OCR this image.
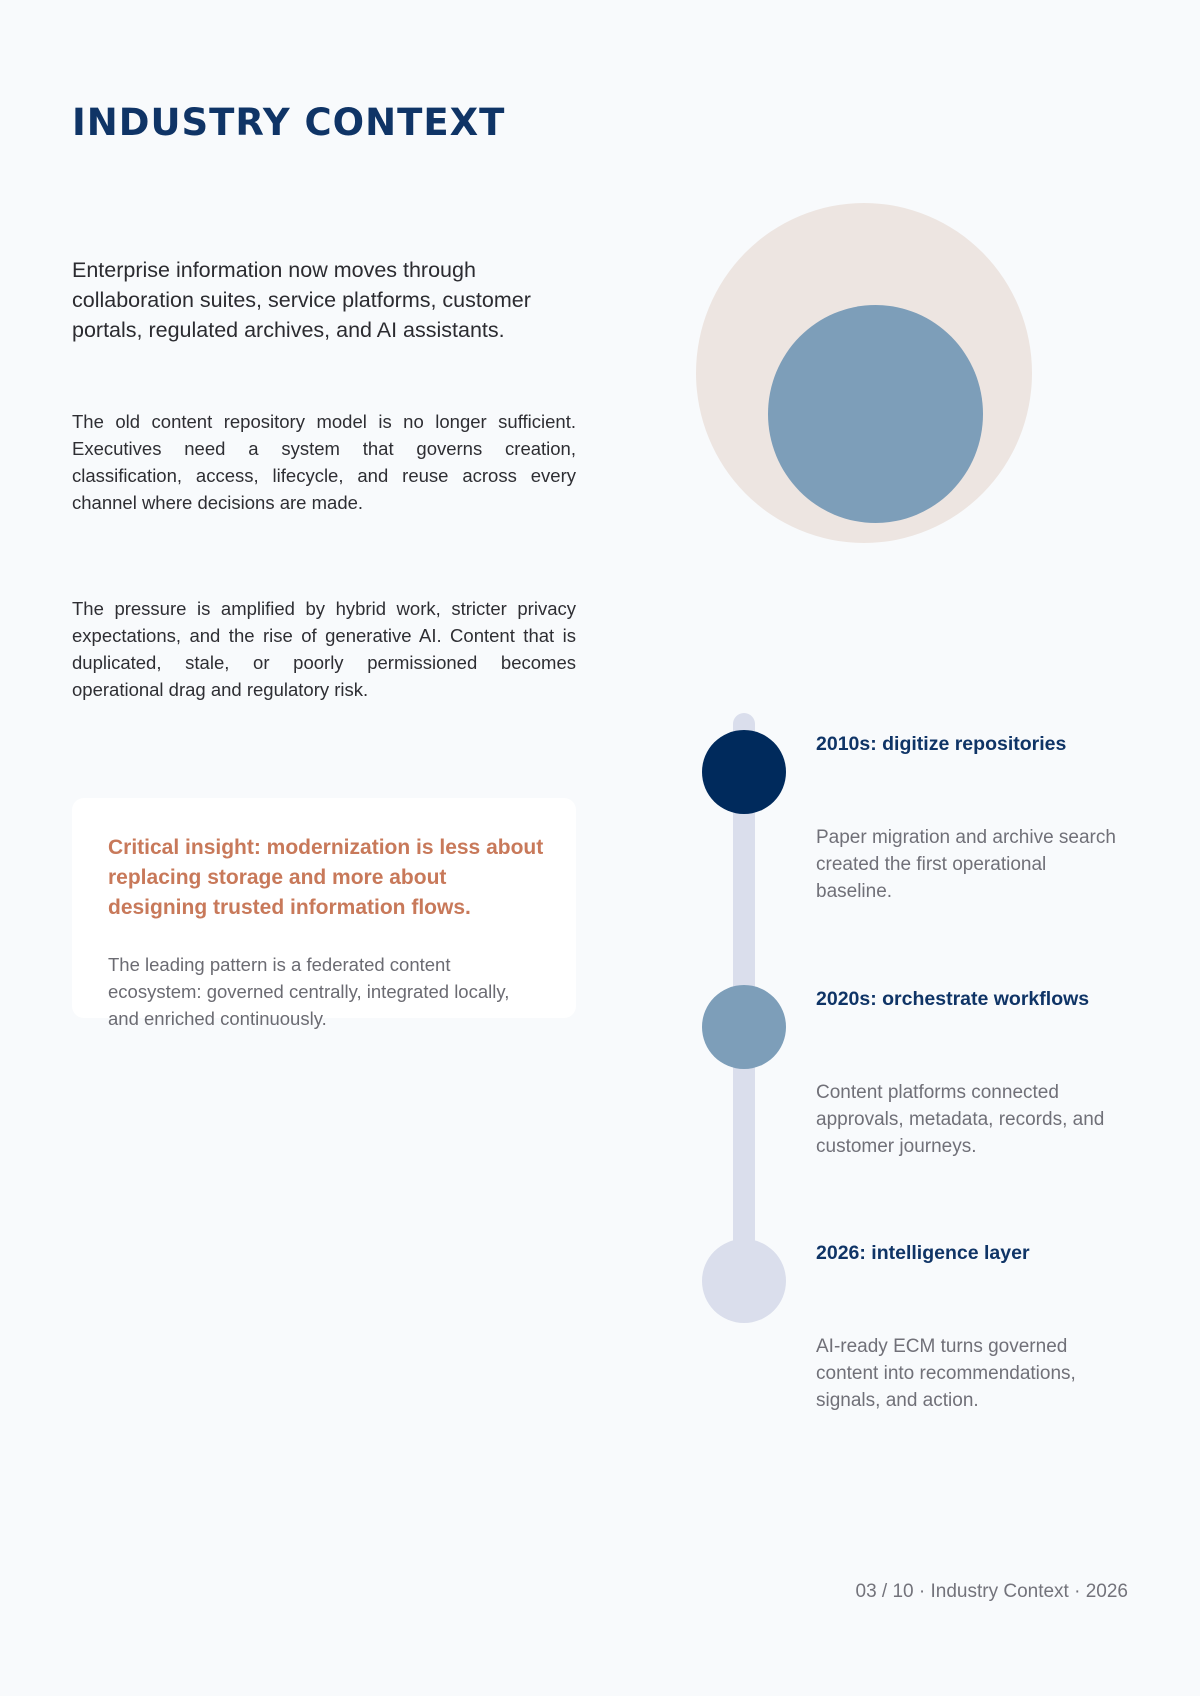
INDUSTRY CONTEXT

Enterprise information now moves through collaboration suites, service platforms, customer portals, regulated archives, and AI assistants.

The old content repository model is no longer sufficient. Executives need a system that governs creation, classification, access, lifecycle, and reuse across every channel where decisions are made.

The pressure is amplified by hybrid work, stricter privacy expectations, and the rise of generative AI. Content that is duplicated, stale, or poorly permissioned becomes operational drag and regulatory risk.

Critical insight: modernization is less about replacing storage and more about designing trusted information flows.

The leading pattern is a federated content ecosystem: governed centrally, integrated locally, and enriched continuously.

2010s: digitize repositories

Paper migration and archive search created the first operational baseline.

2020s: orchestrate workflows

Content platforms connected approvals, metadata, records, and customer journeys.

2026: intelligence layer

AI-ready ECM turns governed content into recommendations, signals, and action.

03 / 10 · Industry Context · 2026
